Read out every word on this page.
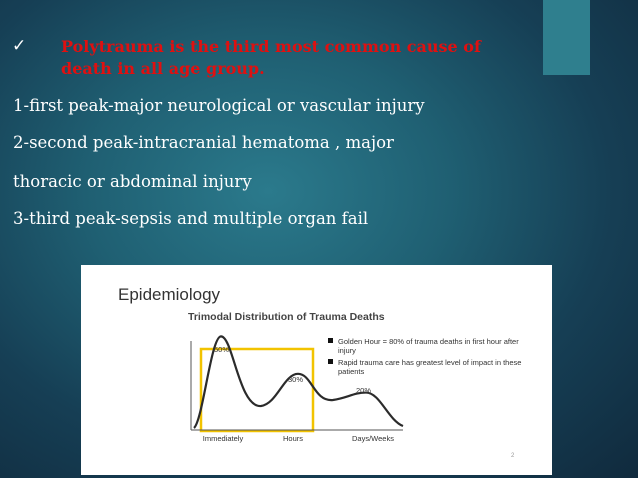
✓ Polytrauma is the third most common cause of death in all age group.
1-first peak-major neurological or vascular injury
2-second peak-intracranial hematoma , major
thoracic or abdominal injury
3-third peak-sepsis and multiple organ fail
Epidemiology
Trimodal Distribution of Trauma Deaths
50%
30%
20%
Immediately	Hours	Days/Weeks
Golden Hour = 80% of trauma deaths in first hour after injury
Rapid trauma care has greatest level of impact in these patients
2
